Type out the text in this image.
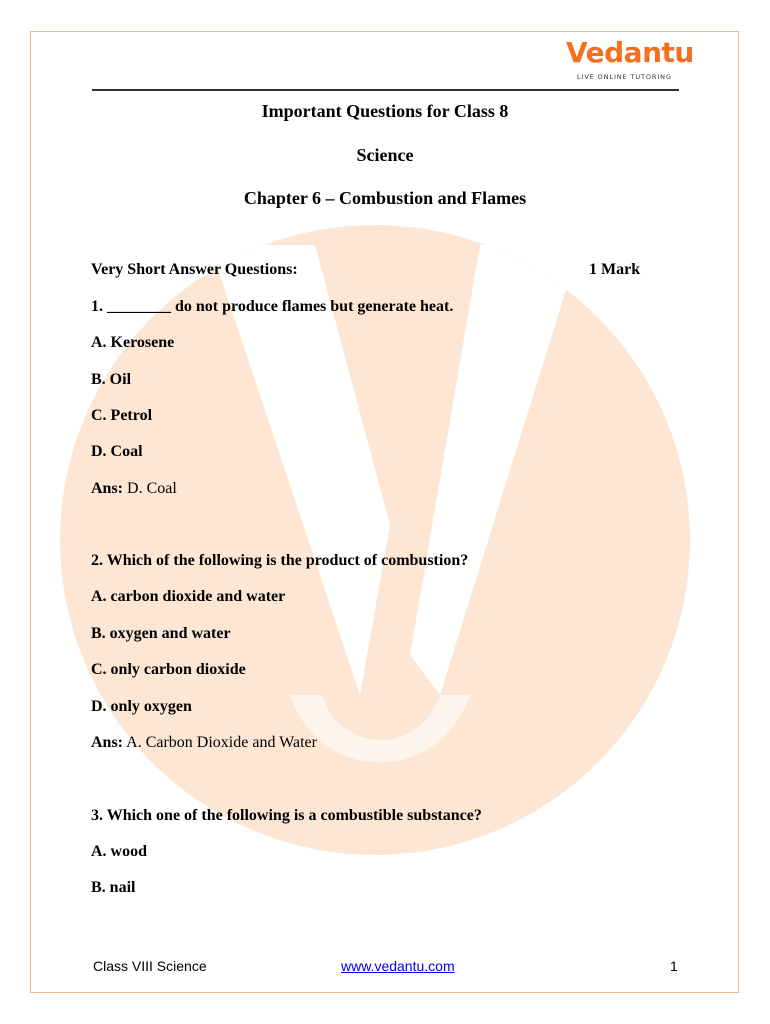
Vedantu
LIVE ONLINE TUTORING
Important Questions for Class 8
Science
Chapter 6 – Combustion and Flames
Very Short Answer Questions:	1 Mark
1. ________ do not produce flames but generate heat.
A. Kerosene
B. Oil
C. Petrol
D. Coal
Ans: D. Coal
2. Which of the following is the product of combustion?
A. carbon dioxide and water
B. oxygen and water
C. only carbon dioxide
D. only oxygen
Ans: A. Carbon Dioxide and Water
3. Which one of the following is a combustible substance?
A. wood
B. nail
Class VIII Science	www.vedantu.com	1
